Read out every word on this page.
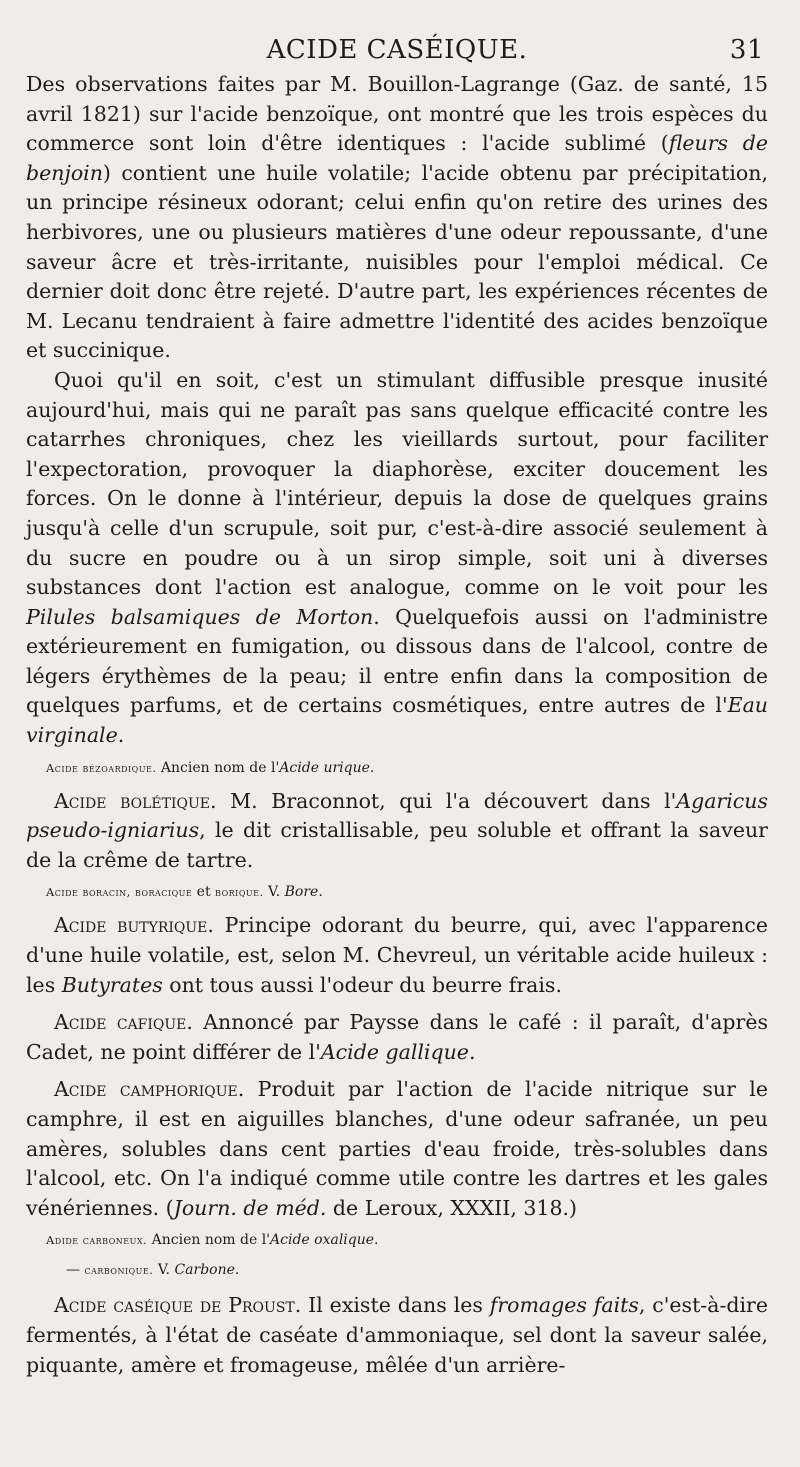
ACIDE CASÉIQUE.	31

Des observations faites par M. Bouillon-Lagrange (Gaz. de santé, 15 avril 1821) sur l'acide benzoïque, ont montré que les trois espèces du commerce sont loin d'être identiques : l'acide sublimé (fleurs de benjoin) contient une huile volatile; l'acide obtenu par précipitation, un principe résineux odorant; celui enfin qu'on retire des urines des herbivores, une ou plusieurs matières d'une odeur repoussante, d'une saveur âcre et très-irritante, nuisibles pour l'emploi médical. Ce dernier doit donc être rejeté. D'autre part, les expériences récentes de M. Lecanu tendraient à faire admettre l'identité des acides benzoïque et succinique.

Quoi qu'il en soit, c'est un stimulant diffusible presque inusité aujourd'hui, mais qui ne paraît pas sans quelque efficacité contre les catarrhes chroniques, chez les vieillards surtout, pour faciliter l'expectoration, provoquer la diaphorèse, exciter doucement les forces. On le donne à l'intérieur, depuis la dose de quelques grains jusqu'à celle d'un scrupule, soit pur, c'est-à-dire associé seulement à du sucre en poudre ou à un sirop simple, soit uni à diverses substances dont l'action est analogue, comme on le voit pour les Pilules balsamiques de Morton. Quelquefois aussi on l'administre extérieurement en fumigation, ou dissous dans de l'alcool, contre de légers érythèmes de la peau; il entre enfin dans la composition de quelques parfums, et de certains cosmétiques, entre autres de l'Eau virginale.

Acide bézoardique. Ancien nom de l'Acide urique.

Acide bolétique. M. Braconnot, qui l'a découvert dans l'Agaricus pseudo-igniarius, le dit cristallisable, peu soluble et offrant la saveur de la crême de tartre.

Acide boracin, boracique et borique. V. Bore.

Acide butyrique. Principe odorant du beurre, qui, avec l'apparence d'une huile volatile, est, selon M. Chevreul, un véritable acide huileux : les Butyrates ont tous aussi l'odeur du beurre frais.

Acide cafique. Annoncé par Paysse dans le café : il paraît, d'après Cadet, ne point différer de l'Acide gallique.

Acide camphorique. Produit par l'action de l'acide nitrique sur le camphre, il est en aiguilles blanches, d'une odeur safranée, un peu amères, solubles dans cent parties d'eau froide, très-solubles dans l'alcool, etc. On l'a indiqué comme utile contre les dartres et les gales vénériennes. (Journ. de méd. de Leroux, XXXII, 318.)

Adide carboneux. Ancien nom de l'Acide oxalique.

— carbonique. V. Carbone.

Acide caséique de Proust. Il existe dans les fromages faits, c'est-à-dire fermentés, à l'état de caséate d'ammoniaque, sel dont la saveur salée, piquante, amère et fromageuse, mêlée d'un arrière-
